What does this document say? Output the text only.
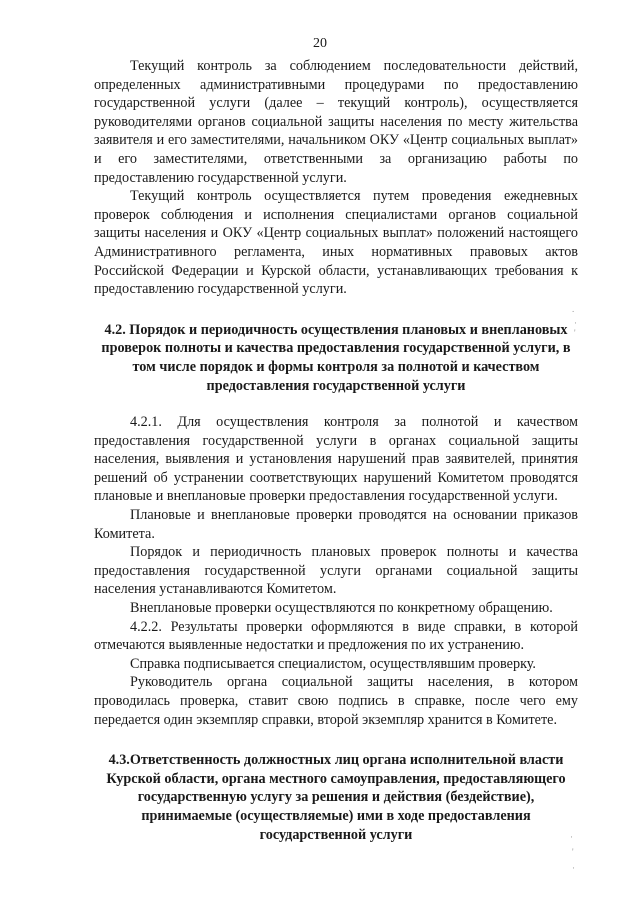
20

Текущий контроль за соблюдением последовательности действий, определенных административными процедурами по предоставлению государственной услуги (далее – текущий контроль), осуществляется руководителями органов социальной защиты населения по месту жительства заявителя и его заместителями, начальником ОКУ «Центр социальных выплат» и его заместителями, ответственными за организацию работы по предоставлению государственной услуги.

Текущий контроль осуществляется путем проведения ежедневных проверок соблюдения и исполнения специалистами органов социальной защиты населения и ОКУ «Центр социальных выплат» положений настоящего Административного регламента, иных нормативных правовых актов Российской Федерации и Курской области, устанавливающих требования к предоставлению государственной услуги.

4.2. Порядок и периодичность осуществления плановых и внеплановых проверок полноты и качества предоставления государственной услуги, в том числе порядок и формы контроля за полнотой и качеством предоставления государственной услуги

4.2.1. Для осуществления контроля за полнотой и качеством предоставления государственной услуги в органах социальной защиты населения, выявления и установления нарушений прав заявителей, принятия решений об устранении соответствующих нарушений Комитетом проводятся плановые и внеплановые проверки предоставления государственной услуги.

Плановые и внеплановые проверки проводятся на основании приказов Комитета.

Порядок и периодичность плановых проверок полноты и качества предоставления государственной услуги органами социальной защиты населения устанавливаются Комитетом.

Внеплановые проверки осуществляются по конкретному обращению.

4.2.2. Результаты проверки оформляются в виде справки, в которой отмечаются выявленные недостатки и предложения по их устранению.

Справка подписывается специалистом, осуществлявшим проверку.

Руководитель органа социальной защиты населения, в котором проводилась проверка, ставит свою подпись в справке, после чего ему передается один экземпляр справки, второй экземпляр хранится в Комитете.

4.3.Ответственность должностных лиц органа исполнительной власти Курской области, органа местного самоуправления, предоставляющего государственную услугу за решения и действия (бездействие), принимаемые (осуществляемые) ими в ходе предоставления государственной услуги
.
·
'
·
'
·
